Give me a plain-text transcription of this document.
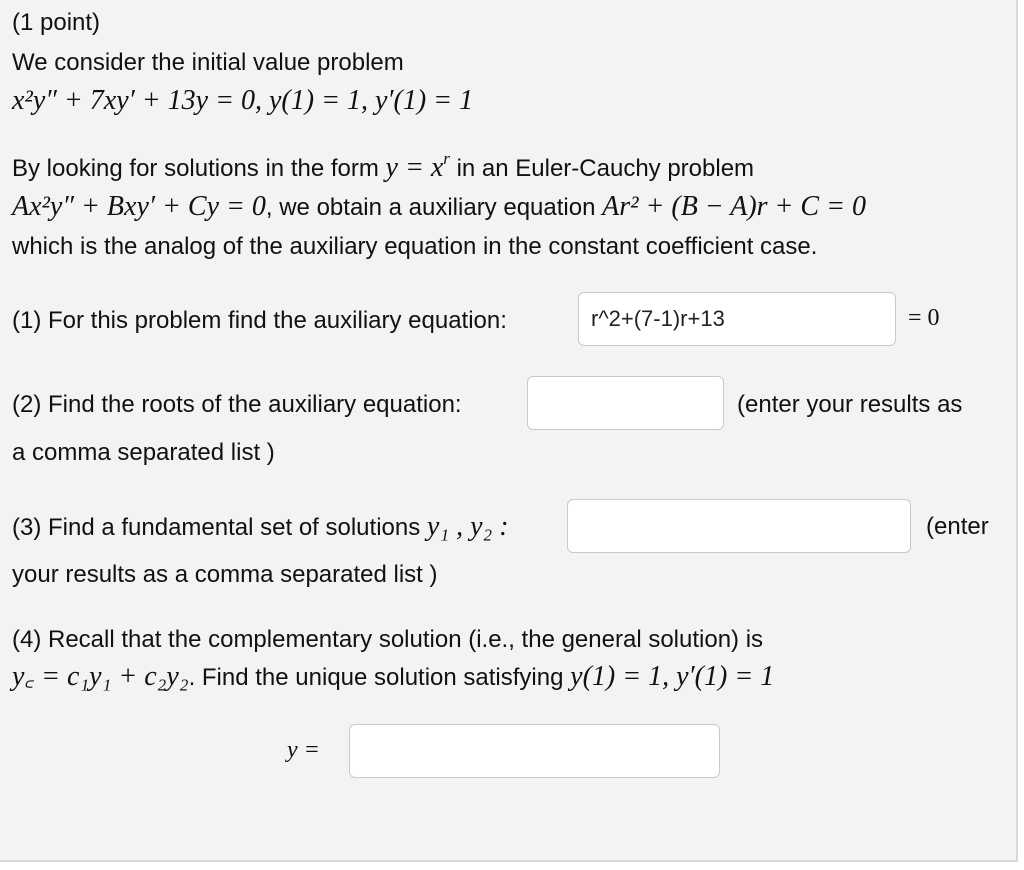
(1 point)
We consider the initial value problem
x²y″ + 7xy′ + 13y = 0, y(1) = 1, y′(1) = 1
By looking for solutions in the form $y = x^r$ in an Euler-Cauchy problem
Ax²y″ + Bxy′ + Cy = 0, we obtain a auxiliary equation Ar² + (B − A)r + C = 0
which is the analog of the auxiliary equation in the constant coefficient case.
(1) For this problem find the auxiliary equation:
r^2+(7-1)r+13	= 0
(2) Find the roots of the auxiliary equation:	(enter your results as
a comma separated list )
(3) Find a fundamental set of solutions y₁ , y₂ :	(enter
your results as a comma separated list )
(4) Recall that the complementary solution (i.e., the general solution) is
y꜀ = c₁y₁ + c₂y₂. Find the unique solution satisfying y(1) = 1, y′(1) = 1
y =
